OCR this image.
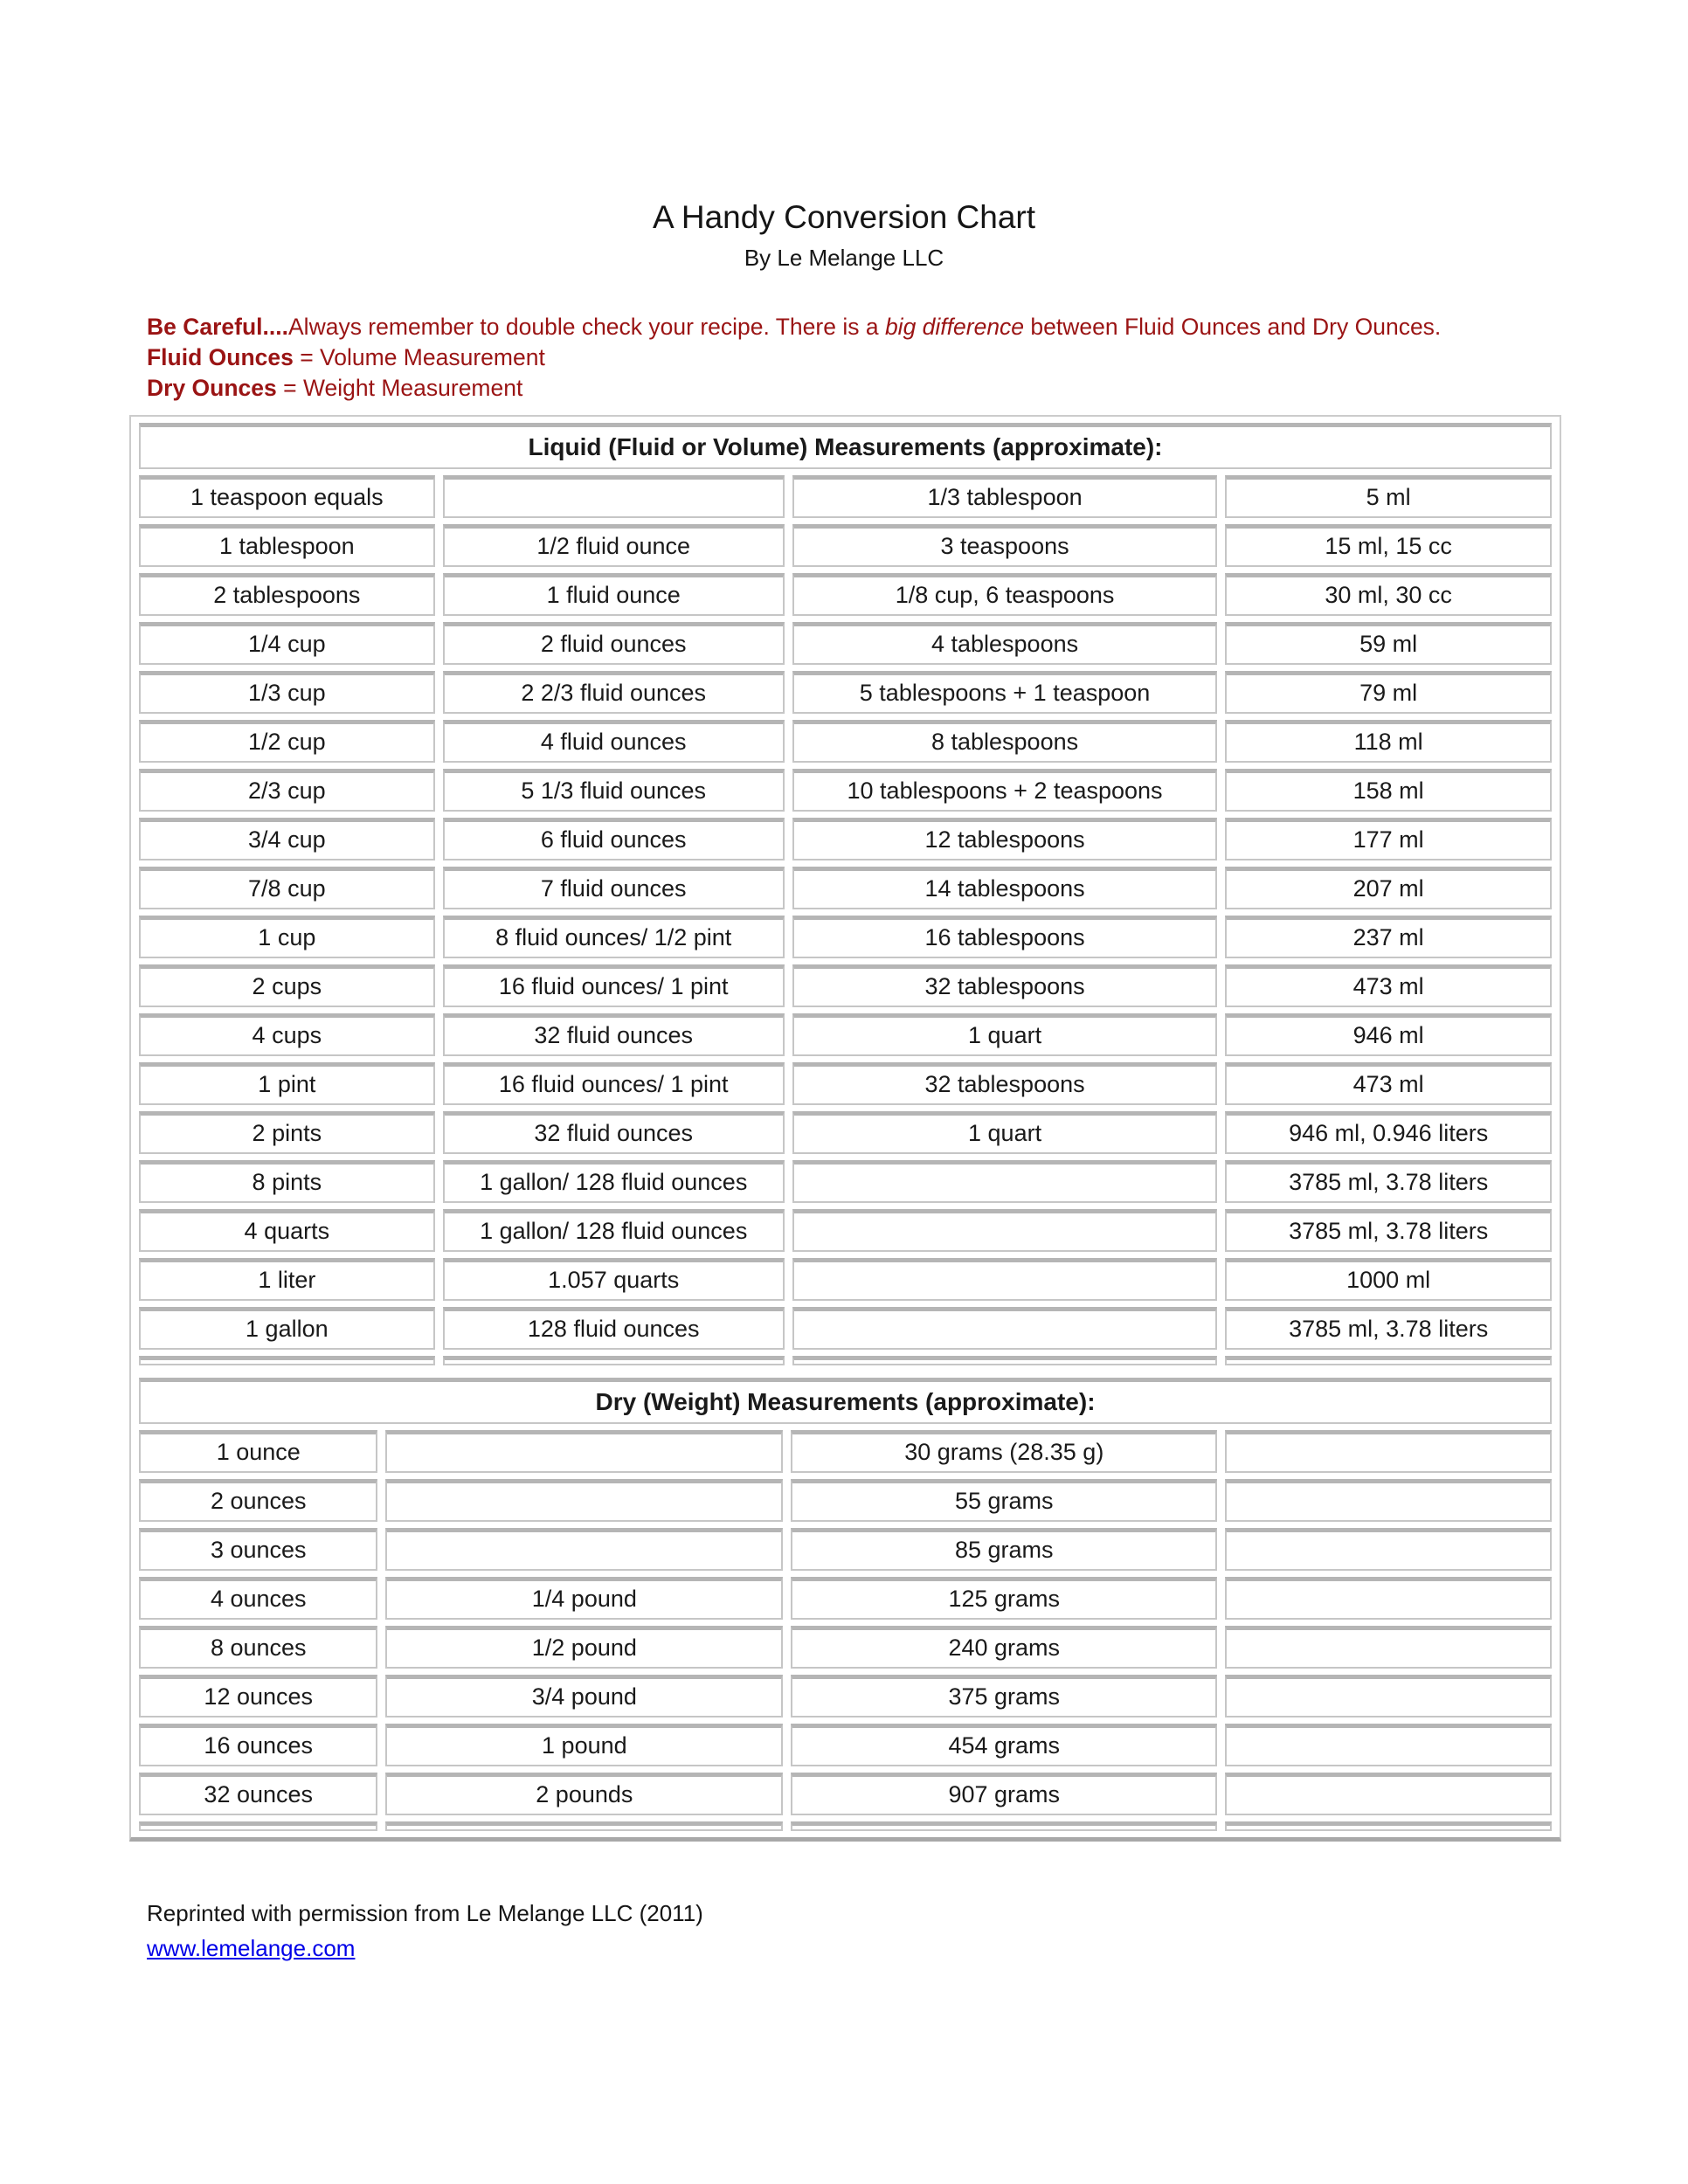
A Handy Conversion Chart
By Le Melange LLC
Be Careful....Always remember to double check your recipe. There is a big difference between Fluid Ounces and Dry Ounces.
Fluid Ounces = Volume Measurement
Dry Ounces = Weight Measurement
Liquid (Fluid or Volume) Measurements (approximate):			
1 teaspoon equals		1/3 tablespoon	5 ml
1 tablespoon	1/2 fluid ounce	3 teaspoons	15 ml, 15 cc
2 tablespoons	1 fluid ounce	1/8 cup, 6 teaspoons	30 ml, 30 cc
1/4 cup	2 fluid ounces	4 tablespoons	59 ml
1/3 cup	2 2/3 fluid ounces	5 tablespoons + 1 teaspoon	79 ml
1/2 cup	4 fluid ounces	8 tablespoons	118 ml
2/3 cup	5 1/3 fluid ounces	10 tablespoons + 2 teaspoons	158 ml
3/4 cup	6 fluid ounces	12 tablespoons	177 ml
7/8 cup	7 fluid ounces	14 tablespoons	207 ml
1 cup	8 fluid ounces/ 1/2 pint	16 tablespoons	237 ml
2 cups	16 fluid ounces/ 1 pint	32 tablespoons	473 ml
4 cups	32 fluid ounces	1 quart	946 ml
1 pint	16 fluid ounces/ 1 pint	32 tablespoons	473 ml
2 pints	32 fluid ounces	1 quart	946 ml, 0.946 liters
8 pints	1 gallon/ 128 fluid ounces		3785 ml, 3.78 liters
4 quarts	1 gallon/ 128 fluid ounces		3785 ml, 3.78 liters
1 liter	1.057 quarts		1000 ml
1 gallon	128 fluid ounces		3785 ml, 3.78 liters

Dry (Weight) Measurements (approximate):			
1 ounce		30 grams (28.35 g)	
2 ounces		55 grams	
3 ounces		85 grams	
4 ounces	1/4 pound	125 grams	
8 ounces	1/2 pound	240 grams	
12 ounces	3/4 pound	375 grams	
16 ounces	1 pound	454 grams	
32 ounces	2 pounds	907 grams	

Reprinted with permission from Le Melange LLC (2011)
www.lemelange.com
